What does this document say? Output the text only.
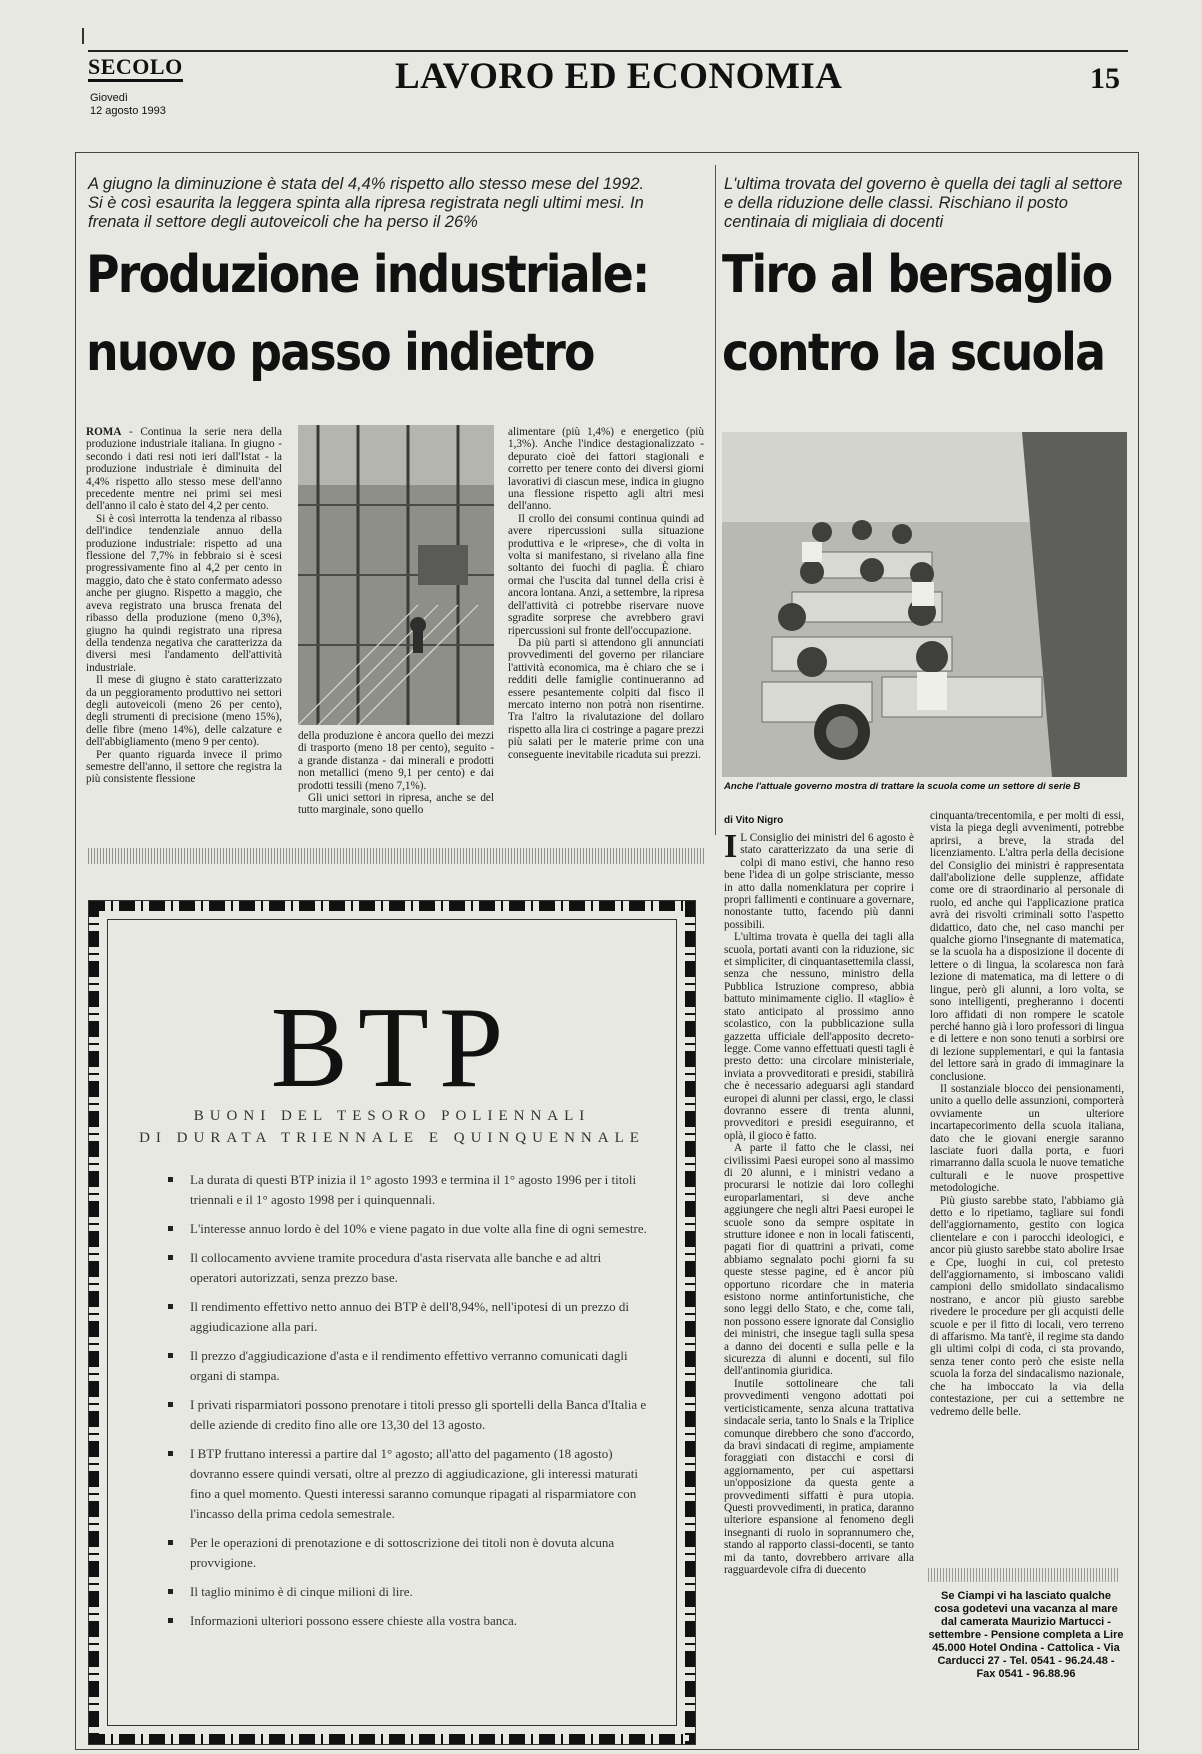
SECOLO
Giovedì
12 agosto 1993
LAVORO ED ECONOMIA	15
A giugno la diminuzione è stata del 4,4% rispetto allo stesso mese del 1992. Si è così esaurita la leggera spinta alla ripresa registrata negli ultimi mesi. In frenata il settore degli autoveicoli che ha perso il 26%
Produzione industriale:
nuovo passo indietro

ROMA - Continua la serie nera della produzione industriale italiana. In giugno - secondo i dati resi noti ieri dall'Istat - la produzione industriale è diminuita del 4,4% rispetto allo stesso mese dell'anno precedente mentre nei primi sei mesi dell'anno il calo è stato del 4,2 per cento.

Si è così interrotta la tendenza al ribasso dell'indice tendenziale annuo della produzione industriale: rispetto ad una flessione del 7,7% in febbraio si è scesi progressivamente fino al 4,2 per cento in maggio, dato che è stato confermato adesso anche per giugno. Rispetto a maggio, che aveva registrato una brusca frenata del ribasso della produzione (meno 0,3%), giugno ha quindi registrato una ripresa della tendenza negativa che caratterizza da diversi mesi l'andamento dell'attività industriale.

Il mese di giugno è stato caratterizzato da un peggioramento produttivo nei settori degli autoveicoli (meno 26 per cento), degli strumenti di precisione (meno 15%), delle fibre (meno 14%), delle calzature e dell'abbigliamento (meno 9 per cento).

Per quanto riguarda invece il primo semestre dell'anno, il settore che registra la più consistente flessione

della produzione è ancora quello dei mezzi di trasporto (meno 18 per cento), seguito - a grande distanza - dai minerali e prodotti non metallici (meno 9,1 per cento) e dai prodotti tessili (meno 7,1%).

Gli unici settori in ripresa, anche se del tutto marginale, sono quello

alimentare (più 1,4%) e energetico (più 1,3%). Anche l'indice destagionalizzato - depurato cioè dei fattori stagionali e corretto per tenere conto dei diversi giorni lavorativi di ciascun mese, indica in giugno una flessione rispetto agli altri mesi dell'anno.

Il crollo dei consumi continua quindi ad avere ripercussioni sulla situazione produttiva e le «riprese», che di volta in volta si manifestano, si rivelano alla fine soltanto dei fuochi di paglia. È chiaro ormai che l'uscita dal tunnel della crisi è ancora lontana. Anzi, a settembre, la ripresa dell'attività ci potrebbe riservare nuove sgradite sorprese che avrebbero gravi ripercussioni sul fronte dell'occupazione.

Da più parti si attendono gli annunciati provvedimenti del governo per rilanciare l'attività economica, ma è chiaro che se i redditi delle famiglie continueranno ad essere pesantemente colpiti dal fisco il mercato interno non potrà non risentirne. Tra l'altro la rivalutazione del dollaro rispetto alla lira ci costringe a pagare prezzi più salati per le materie prime con una conseguente inevitabile ricaduta sui prezzi.

L'ultima trovata del governo è quella dei tagli al settore e della riduzione delle classi. Rischiano il posto centinaia di migliaia di docenti
Tiro al bersaglio
contro la scuola
Anche l'attuale governo mostra di trattare la scuola come un settore di serie B
di Vito Nigro

I L Consiglio dei ministri del 6 agosto è stato caratterizzato da una serie di colpi di mano estivi, che hanno reso bene l'idea di un golpe strisciante, messo in atto dalla nomenklatura per coprire i propri fallimenti e continuare a governare, nonostante tutto, facendo più danni possibili.

L'ultima trovata è quella dei tagli alla scuola, portati avanti con la riduzione, sic et simpliciter, di cinquantasettemila classi, senza che nessuno, ministro della Pubblica Istruzione compreso, abbia battuto minimamente ciglio. Il «taglio» è stato anticipato al prossimo anno scolastico, con la pubblicazione sulla gazzetta ufficiale dell'apposito decreto-legge. Come vanno effettuati questi tagli è presto detto: una circolare ministeriale, inviata a provveditorati e presidi, stabilirà che è necessario adeguarsi agli standard europei di alunni per classi, ergo, le classi dovranno essere di trenta alunni, provveditori e presidi eseguiranno, et oplà, il gioco è fatto.

A parte il fatto che le classi, nei civilissimi Paesi europei sono al massimo di 20 alunni, e i ministri vedano a procurarsi le notizie dai loro colleghi europarlamentari, si deve anche aggiungere che negli altri Paesi europei le scuole sono da sempre ospitate in strutture idonee e non in locali fatiscenti, pagati fior di quattrini a privati, come abbiamo segnalato pochi giorni fa su queste stesse pagine, ed è ancor più opportuno ricordare che in materia esistono norme antinfortunistiche, che sono leggi dello Stato, e che, come tali, non possono essere ignorate dal Consiglio dei ministri, che insegue tagli sulla spesa a danno dei docenti e sulla pelle e la sicurezza di alunni e docenti, sul filo dell'antinomia giuridica.

Inutile sottolineare che tali provvedimenti vengono adottati poi verticisticamente, senza alcuna trattativa sindacale seria, tanto lo Snals e la Triplice comunque direbbero che sono d'accordo, da bravi sindacati di regime, ampiamente foraggiati con distacchi e corsi di aggiornamento, per cui aspettarsi un'opposizione da questa gente a provvedimenti siffatti è pura utopia. Questi provvedimenti, in pratica, daranno ulteriore espansione al fenomeno degli insegnanti di ruolo in soprannumero che, stando al rapporto classi-docenti, se tanto mi da tanto, dovrebbero arrivare alla ragguardevole cifra di duecento

cinquanta/trecentomila, e per molti di essi, vista la piega degli avvenimenti, potrebbe aprirsi, a breve, la strada del licenziamento. L'altra perla della decisione del Consiglio dei ministri è rappresentata dall'abolizione delle supplenze, affidate come ore di straordinario al personale di ruolo, ed anche qui l'applicazione pratica avrà dei risvolti criminali sotto l'aspetto didattico, dato che, nel caso manchi per qualche giorno l'insegnante di matematica, se la scuola ha a disposizione il docente di lettere o di lingua, la scolaresca non farà lezione di matematica, ma di lettere o di lingue, però gli alunni, a loro volta, se sono intelligenti, pregheranno i docenti loro affidati di non rompere le scatole perché hanno già i loro professori di lingua e di lettere e non sono tenuti a sorbirsi ore di lezione supplementari, e qui la fantasia del lettore sarà in grado di immaginare la conclusione.

Il sostanziale blocco dei pensionamenti, unito a quello delle assunzioni, comporterà ovviamente un ulteriore incartapecorimento della scuola italiana, dato che le giovani energie saranno lasciate fuori dalla porta, e fuori rimarranno dalla scuola le nuove tematiche culturali e le nuove prospettive metodologiche.

Più giusto sarebbe stato, l'abbiamo già detto e lo ripetiamo, tagliare sui fondi dell'aggiornamento, gestito con logica clientelare e con i parocchi ideologici, e ancor più giusto sarebbe stato abolire Irsae e Cpe, luoghi in cui, col pretesto dell'aggiornamento, si imboscano validi campioni dello smidollato sindacalismo nostrano, e ancor più giusto sarebbe rivedere le procedure per gli acquisti delle scuole e per il fitto di locali, vero terreno di affarismo. Ma tant'è, il regime sta dando gli ultimi colpi di coda, ci sta provando, senza tener conto però che esiste nella scuola la forza del sindacalismo nazionale, che ha imboccato la via della contestazione, per cui a settembre ne vedremo delle belle.

Se Ciampi vi ha lasciato qualche cosa godetevi una vacanza al mare dal camerata Maurizio Martucci - settembre - Pensione completa a Lire 45.000 Hotel Ondina - Cattolica - Via Carducci 27 - Tel. 0541 - 96.24.48 - Fax 0541 - 96.88.96
BTP
BUONI DEL TESORO POLIENNALI
DI DURATA TRIENNALE E QUINQUENNALE
La durata di questi BTP inizia il 1° agosto 1993 e termina il 1° agosto 1996 per i titoli triennali e il 1° agosto 1998 per i quinquennali.
L'interesse annuo lordo è del 10% e viene pagato in due volte alla fine di ogni semestre.
Il collocamento avviene tramite procedura d'asta riservata alle banche e ad altri operatori autorizzati, senza prezzo base.
Il rendimento effettivo netto annuo dei BTP è dell'8,94%, nell'ipotesi di un prezzo di aggiudicazione alla pari.
Il prezzo d'aggiudicazione d'asta e il rendimento effettivo verranno comunicati dagli organi di stampa.
I privati risparmiatori possono prenotare i titoli presso gli sportelli della Banca d'Italia e delle aziende di credito fino alle ore 13,30 del 13 agosto.
I BTP fruttano interessi a partire dal 1° agosto; all'atto del pagamento (18 agosto) dovranno essere quindi versati, oltre al prezzo di aggiudicazione, gli interessi maturati fino a quel momento. Questi interessi saranno comunque ripagati al risparmiatore con l'incasso della prima cedola semestrale.
Per le operazioni di prenotazione e di sottoscrizione dei titoli non è dovuta alcuna provvigione.
Il taglio minimo è di cinque milioni di lire.
Informazioni ulteriori possono essere chieste alla vostra banca.
